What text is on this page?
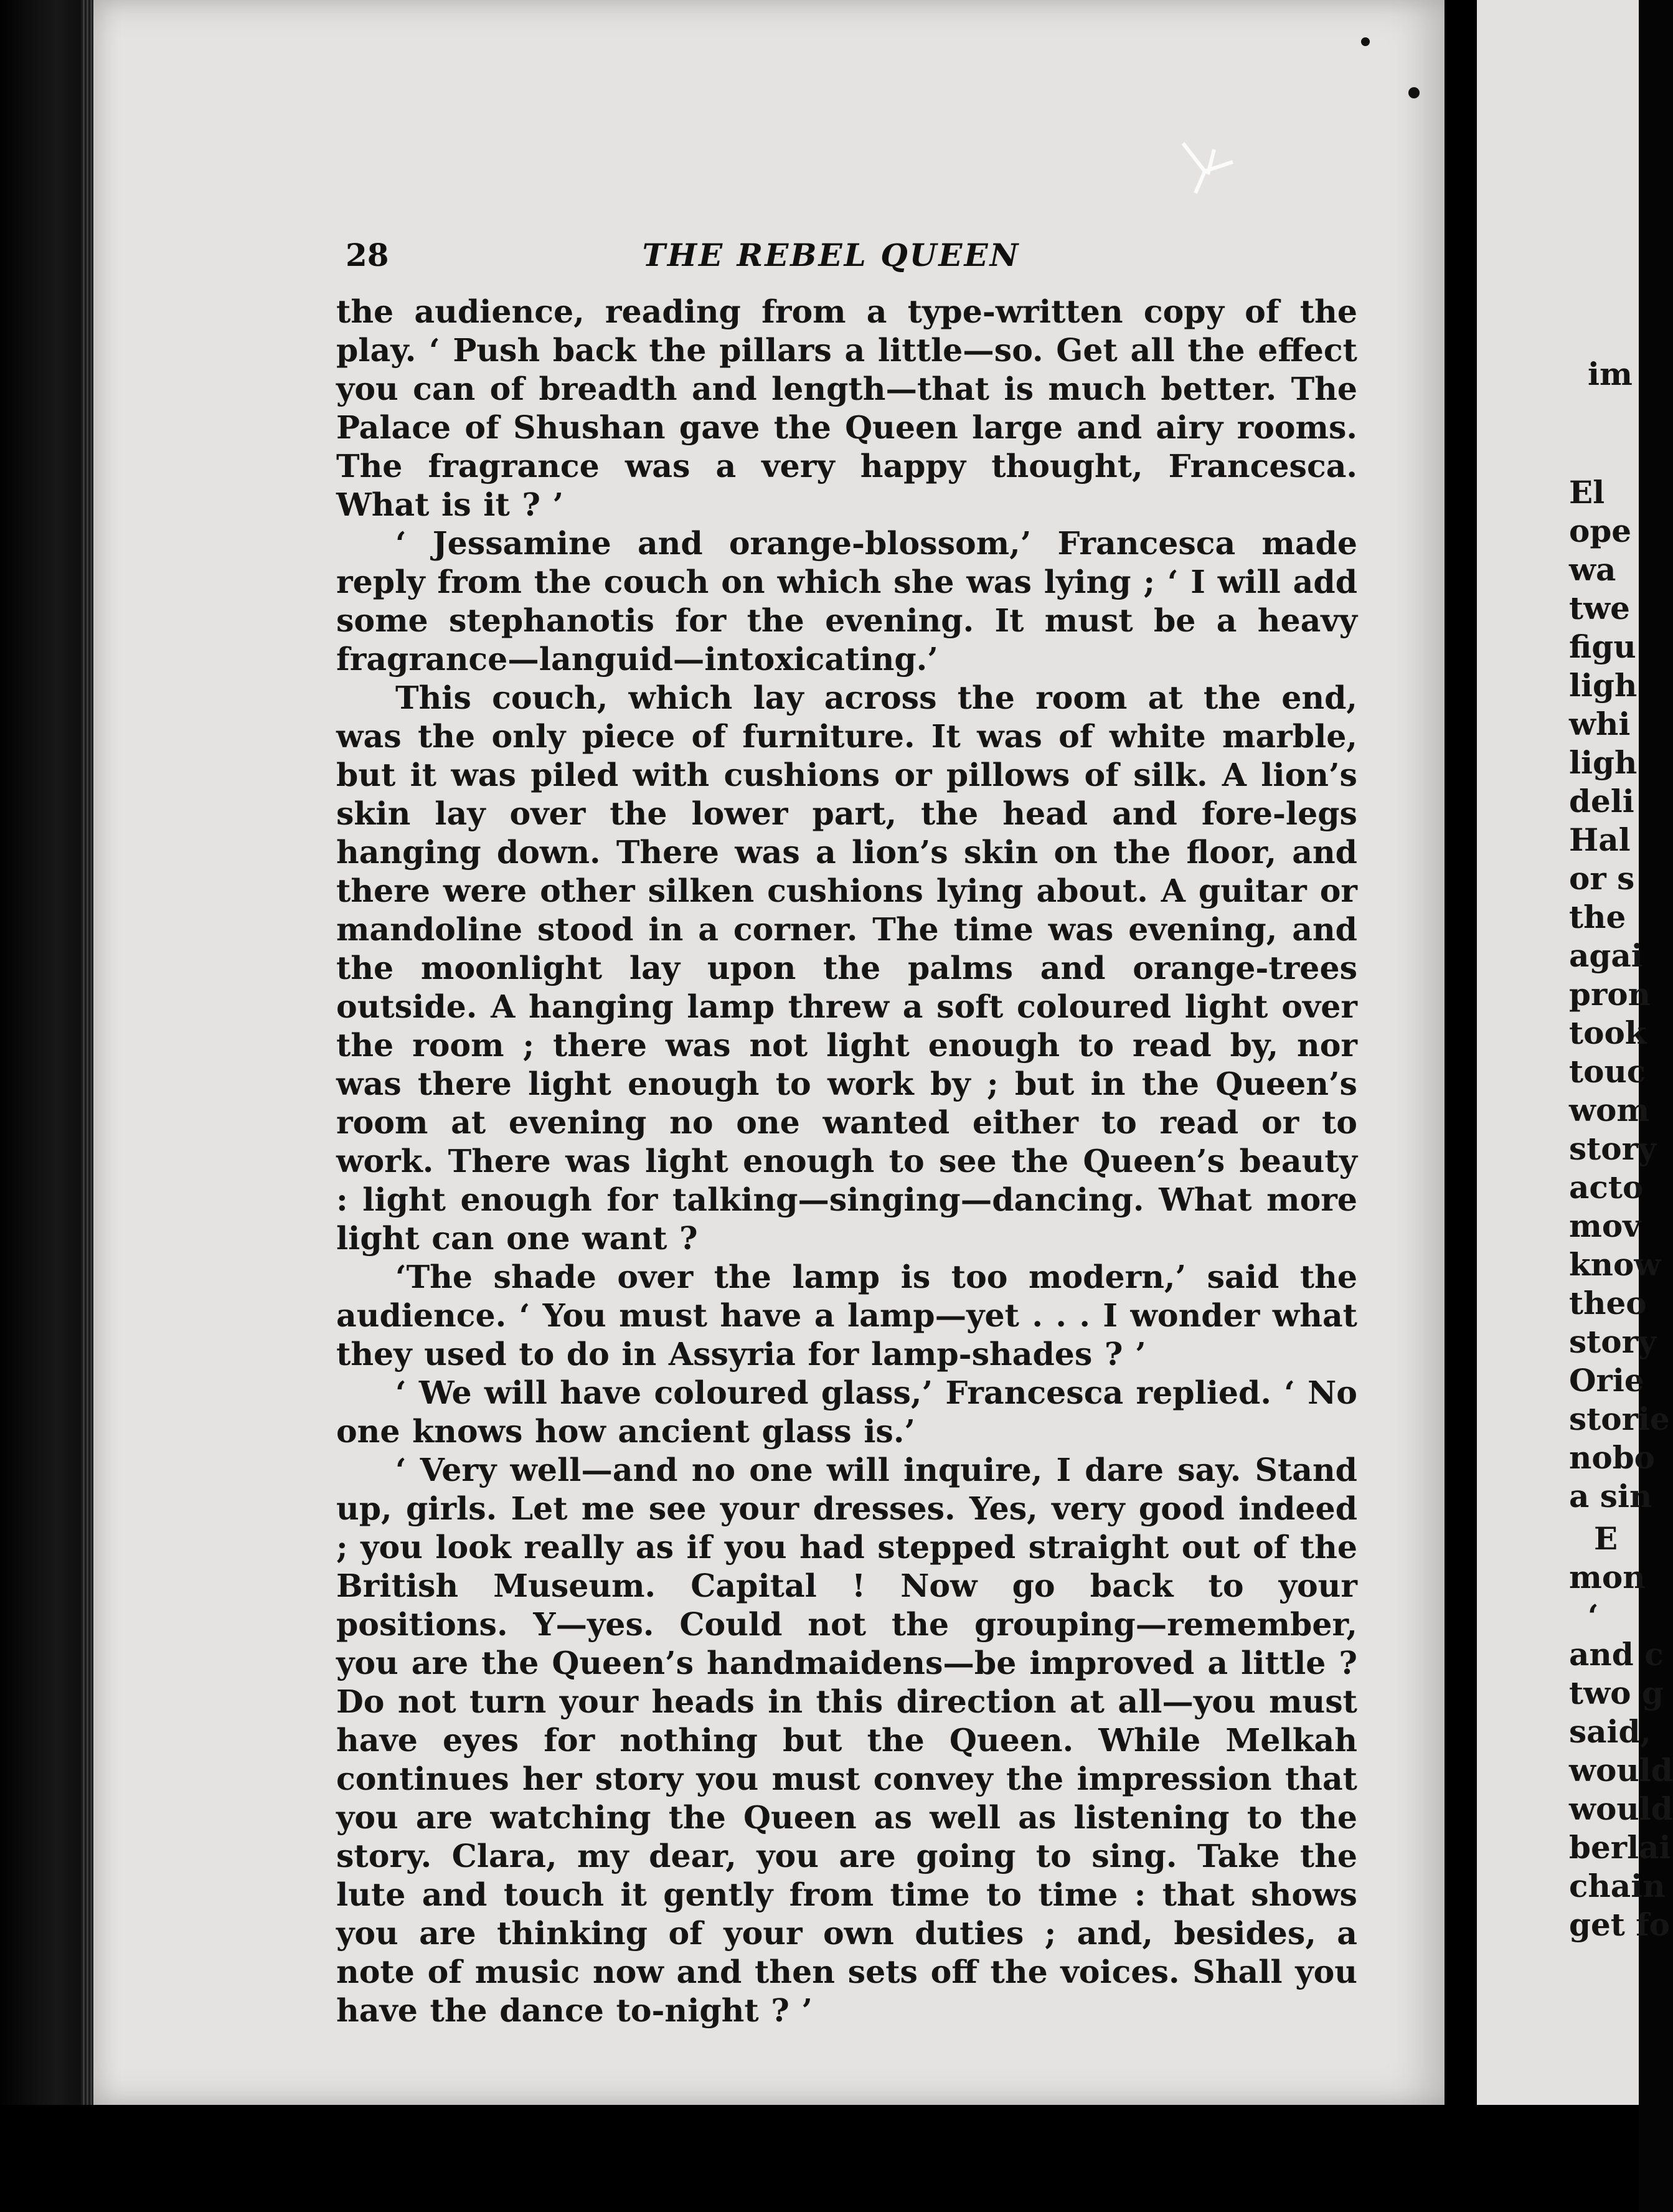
28	THE REBEL QUEEN

the audience, reading from a type-written copy of the play. ‘ Push back the pillars a little—so. Get all the effect you can of breadth and length—that is much better. The Palace of Shushan gave the Queen large and airy rooms. The fragrance was a very happy thought, Francesca. What is it ? ’

‘ Jessamine and orange-blossom,’ Francesca made reply from the couch on which she was lying ; ‘ I will add some stephanotis for the evening. It must be a heavy fragrance—languid—intoxicating.’

This couch, which lay across the room at the end, was the only piece of furniture. It was of white marble, but it was piled with cushions or pillows of silk. A lion’s skin lay over the lower part, the head and fore-legs hanging down. There was a lion’s skin on the floor, and there were other silken cushions lying about. A guitar or mandoline stood in a corner. The time was evening, and the moonlight lay upon the palms and orange-trees outside. A hanging lamp threw a soft coloured light over the room ; there was not light enough to read by, nor was there light enough to work by ; but in the Queen’s room at evening no one wanted either to read or to work. There was light enough to see the Queen’s beauty : light enough for talking—singing—dancing. What more light can one want ?

‘The shade over the lamp is too modern,’ said the audience. ‘ You must have a lamp—yet . . . I wonder what they used to do in Assyria for lamp-shades ? ’

‘ We will have coloured glass,’ Francesca replied. ‘ No one knows how ancient glass is.’

‘ Very well—and no one will inquire, I dare say. Stand up, girls. Let me see your dresses. Yes, very good indeed ; you look really as if you had stepped straight out of the British Museum. Capital ! Now go back to your positions. Y—yes. Could not the grouping—remember, you are the Queen’s handmaidens—be improved a little ? Do not turn your heads in this direction at all—you must have eyes for nothing but the Queen. While Melkah continues her story you must convey the impression that you are watching the Queen as well as listening to the story. Clara, my dear, you are going to sing. Take the lute and touch it gently from time to time : that shows you are thinking of your own duties ; and, besides, a note of music now and then sets off the voices. Shall you have the dance to-night ? ’

im
El
ope
wa
twe
figu
ligh
whi
ligh
deli
Hal
or s
the
agai
pron
took
touc
wom
story
acto
mov
know
theo
story
Orie
storie
nobo
a sin
E
mon
‘
and c
two g
said,
would
would
berlai
chain
get fo
